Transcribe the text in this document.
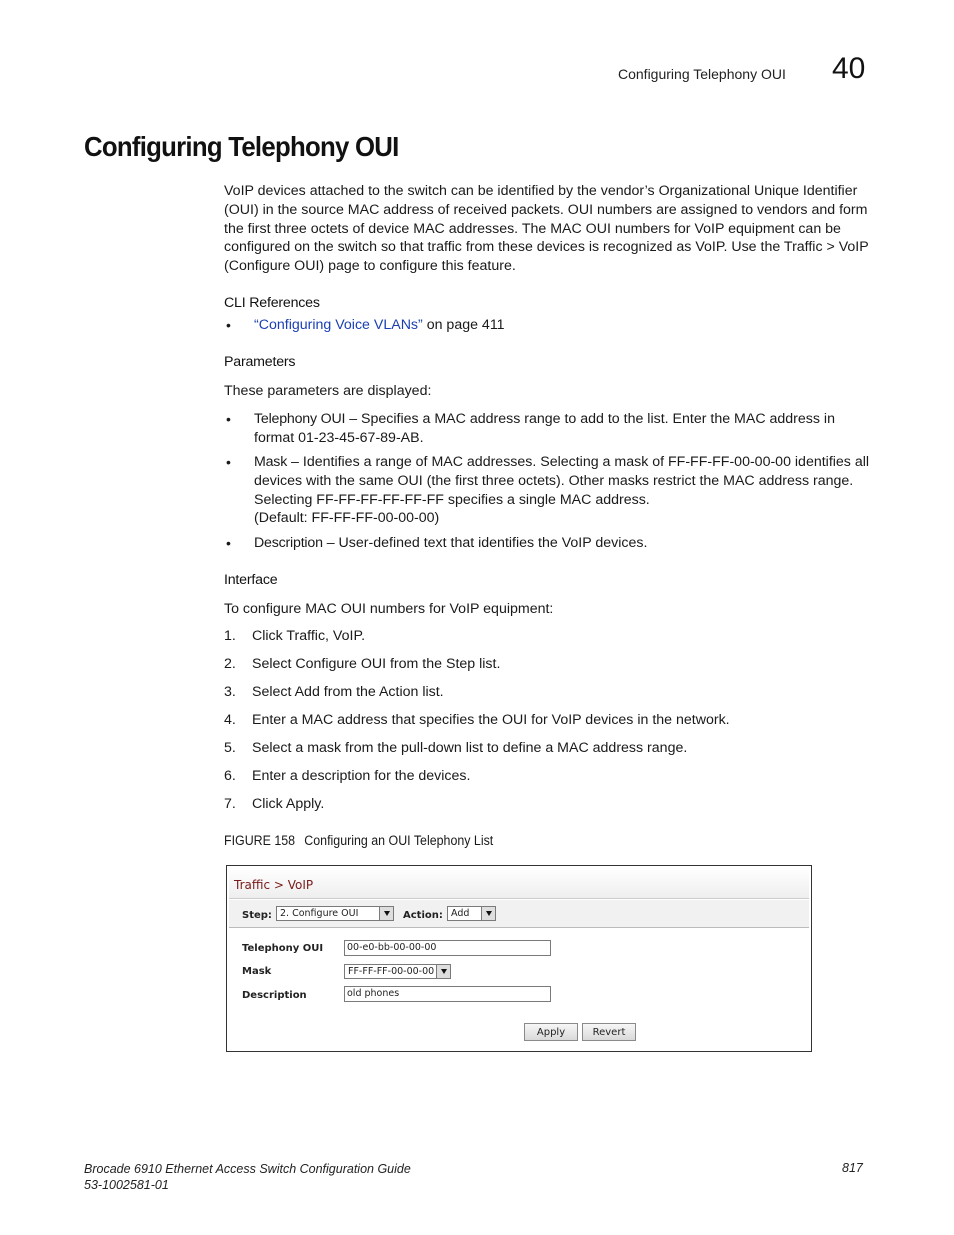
Configuring Telephony OUI 40
Configuring Telephony OUI
VoIP devices attached to the switch can be identified by the vendor’s Organizational Unique Identifier (OUI) in the source MAC address of received packets. OUI numbers are assigned to vendors and form the first three octets of device MAC addresses. The MAC OUI numbers for VoIP equipment can be configured on the switch so that traffic from these devices is recognized as VoIP. Use the Traffic > VoIP (Configure OUI) page to configure this feature.
CLI References
•	“Configuring Voice VLANs” on page 411
Parameters
These parameters are displayed:
•	Telephony OUI – Specifies a MAC address range to add to the list. Enter the MAC address in format 01-23-45-67-89-AB.
•	Mask – Identifies a range of MAC addresses. Selecting a mask of FF-FF-FF-00-00-00 identifies all devices with the same OUI (the first three octets). Other masks restrict the MAC address range. Selecting FF-FF-FF-FF-FF-FF specifies a single MAC address.
(Default: FF-FF-FF-00-00-00)
•	Description – User-defined text that identifies the VoIP devices.
Interface
To configure MAC OUI numbers for VoIP equipment:
1.	Click Traffic, VoIP.
2.	Select Configure OUI from the Step list.
3.	Select Add from the Action list.
4.	Enter a MAC address that specifies the OUI for VoIP devices in the network.
5.	Select a mask from the pull-down list to define a MAC address range.
6.	Enter a description for the devices.
7.	Click Apply.
FIGURE 158 Configuring an OUI Telephony List
Traffic > VoIP
Step: 2. Configure OUI	Action: Add
Telephony OUI	00-e0-bb-00-00-00
Mask	FF-FF-FF-00-00-00
Description	old phones
Apply	Revert
Brocade 6910 Ethernet Access Switch Configuration Guide
53-1002581-01
817
